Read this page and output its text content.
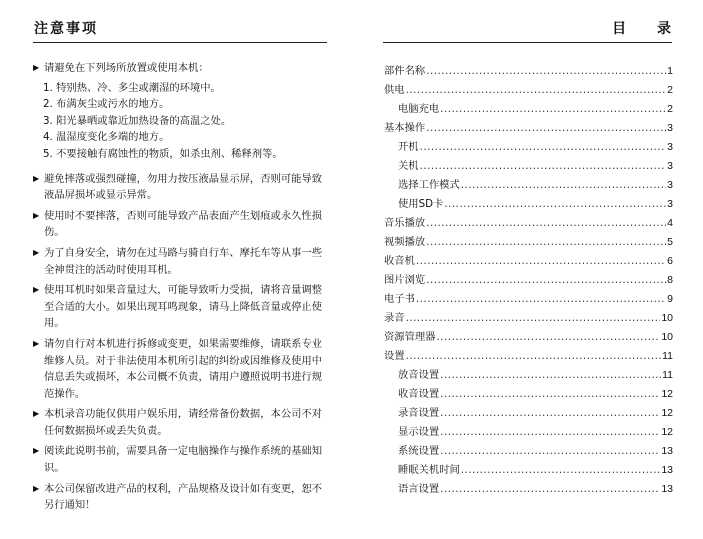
注意事项
▶ 请避免在下列场所放置或使用本机：
1. 特别热、冷、多尘或潮湿的环境中。
2. 布满灰尘或污水的地方。
3. 阳光暴晒或靠近加热设备的高温之处。
4. 温湿度变化多端的地方。
5. 不要接触有腐蚀性的物质，如杀虫剂、稀释剂等。
▶ 避免摔落或强烈碰撞，勿用力按压液晶显示屏，否则可能导致液晶屏损坏或显示异常。
▶ 使用时不要摔落，否则可能导致产品表面产生划痕或永久性损伤。
▶ 为了自身安全，请勿在过马路与骑自行车、摩托车等从事一些全神贯注的活动时使用耳机。
▶ 使用耳机时如果音量过大，可能导致听力受损，请将音量调整至合适的大小。如果出现耳鸣现象，请马上降低音量或停止使用。
▶ 请勿自行对本机进行拆修或变更，如果需要维修，请联系专业维修人员。对于非法使用本机所引起的纠纷或因维修及使用中信息丢失或损坏，本公司概不负责，请用户遵照说明书进行规范操作。
▶ 本机录音功能仅供用户娱乐用，请经常备份数据，本公司不对任何数据损坏或丢失负责。
▶ 阅读此说明书前，需要具备一定电脑操作与操作系统的基础知识。
▶ 本公司保留改进产品的权利，产品规格及设计如有变更，恕不另行通知！
目 录
部件名称 .....	1
供电 .....	2
电脑充电 .....	2
基本操作 .....	3
开机 .....	3
关机 .....	3
选择工作模式 .....	3
使用SD卡 .....	3
音乐播放 .....	4
视频播放 .....	5
收音机 .....	6
图片浏览 .....	8
电子书 .....	9
录音 .....	10
资源管理器 .....	10
设置 .....	11
放音设置 .....	11
收音设置 .....	12
录音设置 .....	12
显示设置 .....	12
系统设置 .....	13
睡眠关机时间 .....	13
语言设置 .....	13
